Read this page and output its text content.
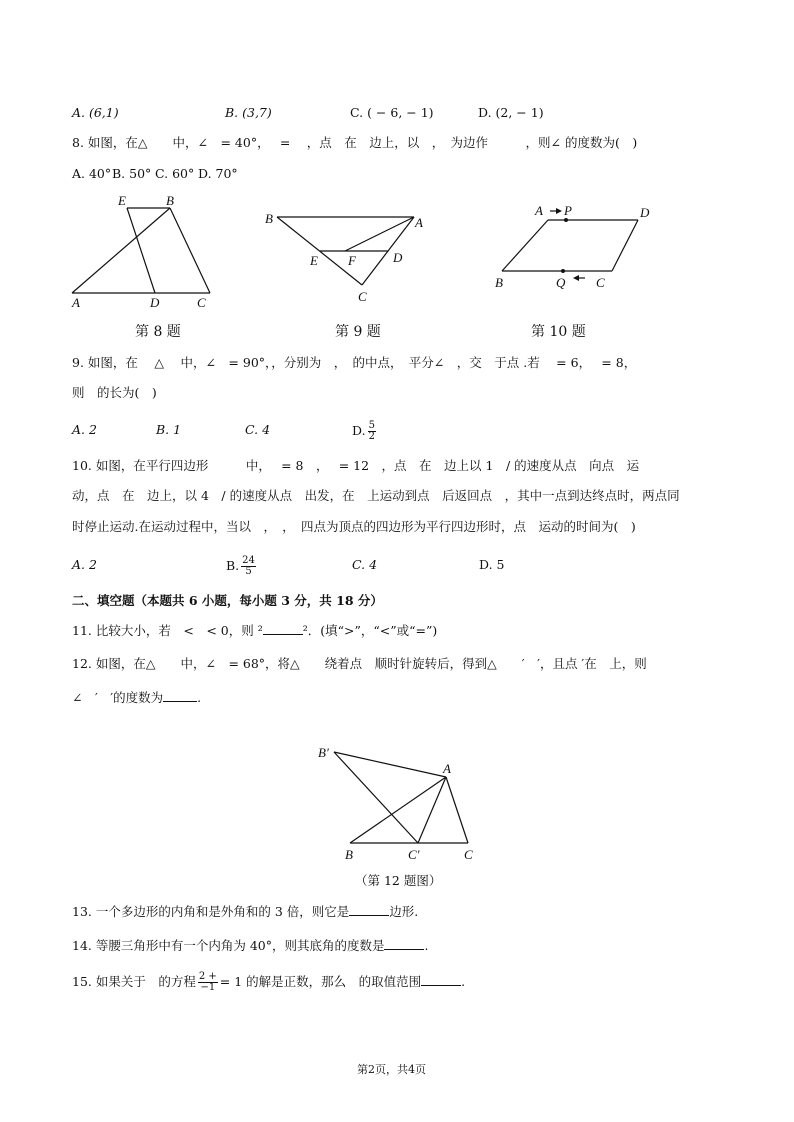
A. (6,1)	B. (3,7)	C. ( − 6, − 1)	D. (2, − 1)
8. 如图，在△　　中，∠　= 40°，　 = 　，点　在　边上，以　，　为边作　　　，则∠ 的度数为(　)
A. 40° B. 50° C. 60° D. 70°
E	B
A	D	C
第 8 题
B	A
E F	D
C
第 9 题
A P	D
B	Q C
第 10 题
9. 如图，在　 △　 中，∠　= 90°，，分别为　，　的中点，　平分∠　，交　于点 .若　 = 6，　 = 8，
则　的长为(　)
A. 2	B. 1	C. 4	D. $\frac{5}{2}$
10. 如图，在平行四边形　　　中，　 = 8　，　 = 12　，点　在　边上以 1　/ 的速度从点　向点　运
动，点　在　边上，以 4　/ 的速度从点　出发，在　上运动到点　后返回点　，其中一点到达终点时，两点同
时停止运动.在运动过程中，当以　，　，　四点为顶点的四边形为平行四边形时，点　运动的时间为(　)
A. 2	B. $\frac{24}{5}$	C. 4	D. 5
二、填空题（本题共 6 小题，每小题 3 分，共 18 分）
11. 比较大小，若　<　< 0，则 ²	²．(填“>”，“<”或“=”)
12. 如图，在△　　中，∠　= 68°，将△　　绕着点　顺时针旋转后，得到△　　′　′，且点 ′在　上，则
∠　′　′的度数为	.
B′
A
B	C′	C
（第 12 题图）
13. 一个多边形的内角和是外角和的 3 倍，则它是	边形.
14. 等腰三角形中有一个内角为 40°，则其底角的度数是	.
15. 如果关于　的方程 $\frac{2 +}{-1} = 1$ 的解是正数，那么　的取值范围	.
第2页，共4页
